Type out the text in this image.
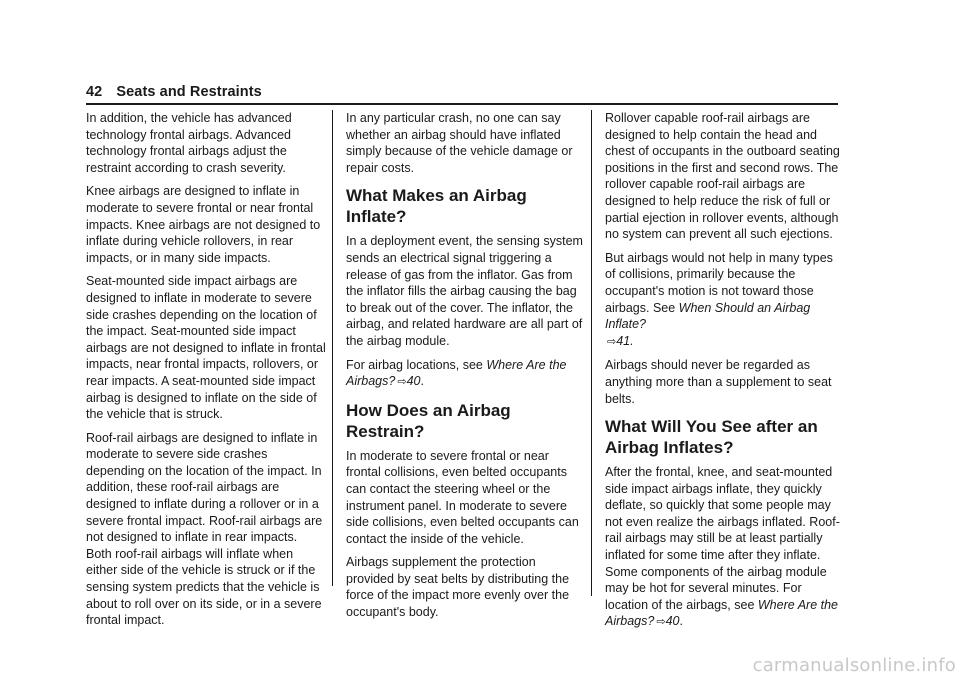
42 Seats and Restraints

In addition, the vehicle has advanced technology frontal airbags. Advanced technology frontal airbags adjust the restraint according to crash severity.

Knee airbags are designed to inflate in moderate to severe frontal or near frontal impacts. Knee airbags are not designed to inflate during vehicle rollovers, in rear impacts, or in many side impacts.

Seat-mounted side impact airbags are designed to inflate in moderate to severe side crashes depending on the location of the impact. Seat-mounted side impact airbags are not designed to inflate in frontal impacts, near frontal impacts, rollovers, or rear impacts. A seat-mounted side impact airbag is designed to inflate on the side of the vehicle that is struck.

Roof-rail airbags are designed to inflate in moderate to severe side crashes depending on the location of the impact. In addition, these roof-rail airbags are designed to inflate during a rollover or in a severe frontal impact. Roof-rail airbags are not designed to inflate in rear impacts. Both roof-rail airbags will inflate when either side of the vehicle is struck or if the sensing system predicts that the vehicle is about to roll over on its side, or in a severe frontal impact.

In any particular crash, no one can say whether an airbag should have inflated simply because of the vehicle damage or repair costs.

What Makes an Airbag Inflate?

In a deployment event, the sensing system sends an electrical signal triggering a release of gas from the inflator. Gas from the inflator fills the airbag causing the bag to break out of the cover. The inflator, the airbag, and related hardware are all part of the airbag module.

For airbag locations, see Where Are the Airbags? ⇨40.

How Does an Airbag Restrain?

In moderate to severe frontal or near frontal collisions, even belted occupants can contact the steering wheel or the instrument panel. In moderate to severe side collisions, even belted occupants can contact the inside of the vehicle.

Airbags supplement the protection provided by seat belts by distributing the force of the impact more evenly over the occupant's body.

Rollover capable roof-rail airbags are designed to help contain the head and chest of occupants in the outboard seating positions in the first and second rows. The rollover capable roof-rail airbags are designed to help reduce the risk of full or partial ejection in rollover events, although no system can prevent all such ejections.

But airbags would not help in many types of collisions, primarily because the occupant's motion is not toward those airbags. See When Should an Airbag Inflate?
⇨41.

Airbags should never be regarded as anything more than a supplement to seat belts.

What Will You See after an Airbag Inflates?

After the frontal, knee, and seat-mounted side impact airbags inflate, they quickly deflate, so quickly that some people may not even realize the airbags inflated. Roof-rail airbags may still be at least partially inflated for some time after they inflate. Some components of the airbag module may be hot for several minutes. For location of the airbags, see Where Are the Airbags? ⇨40.

carmanualsonline.info
